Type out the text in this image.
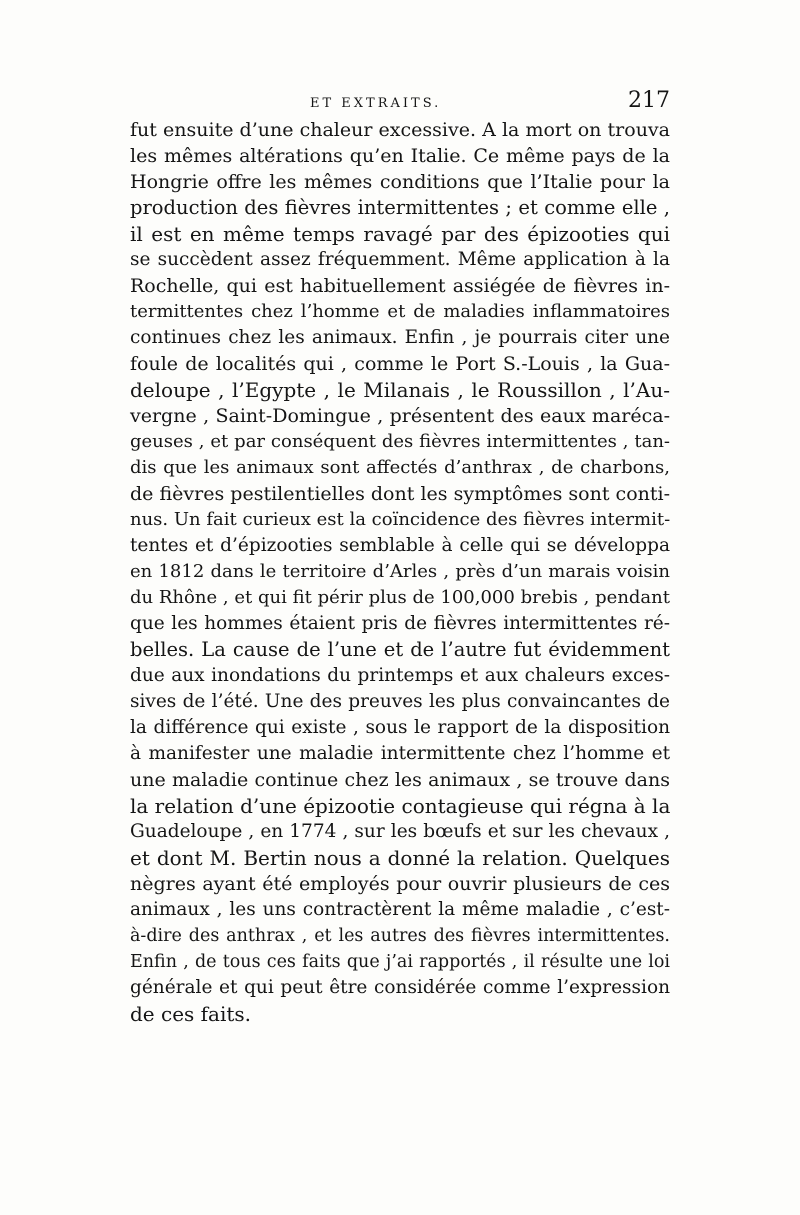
ET EXTRAITS.	217
fut ensuite d’une chaleur excessive. A la mort on trouva
les mêmes altérations qu’en Italie. Ce même pays de la
Hongrie offre les mêmes conditions que l’Italie pour la
production des fièvres intermittentes ; et comme elle ,
il est en même temps ravagé par des épizooties qui
se succèdent assez fréquemment. Même application à la
Rochelle, qui est habituellement assiégée de fièvres in-
termittentes chez l’homme et de maladies inflammatoires
continues chez les animaux. Enfin , je pourrais citer une
foule de localités qui , comme le Port S.-Louis , la Gua-
deloupe , l’Egypte , le Milanais , le Roussillon , l’Au-
vergne , Saint-Domingue , présentent des eaux maréca-
geuses , et par conséquent des fièvres intermittentes , tan-
dis que les animaux sont affectés d’anthrax , de charbons,
de fièvres pestilentielles dont les symptômes sont conti-
nus. Un fait curieux est la coïncidence des fièvres intermit-
tentes et d’épizooties semblable à celle qui se développa
en 1812 dans le territoire d’Arles , près d’un marais voisin
du Rhône , et qui fit périr plus de 100,000 brebis , pendant
que les hommes étaient pris de fièvres intermittentes ré-
belles. La cause de l’une et de l’autre fut évidemment
due aux inondations du printemps et aux chaleurs exces-
sives de l’été. Une des preuves les plus convaincantes de
la différence qui existe , sous le rapport de la disposition
à manifester une maladie intermittente chez l’homme et
une maladie continue chez les animaux , se trouve dans
la relation d’une épizootie contagieuse qui régna à la
Guadeloupe , en 1774 , sur les bœufs et sur les chevaux ,
et dont M. Bertin nous a donné la relation. Quelques
nègres ayant été employés pour ouvrir plusieurs de ces
animaux , les uns contractèrent la même maladie , c’est-
à-dire des anthrax , et les autres des fièvres intermittentes.
Enfin , de tous ces faits que j’ai rapportés , il résulte une loi
générale et qui peut être considérée comme l’expression
de ces faits.
